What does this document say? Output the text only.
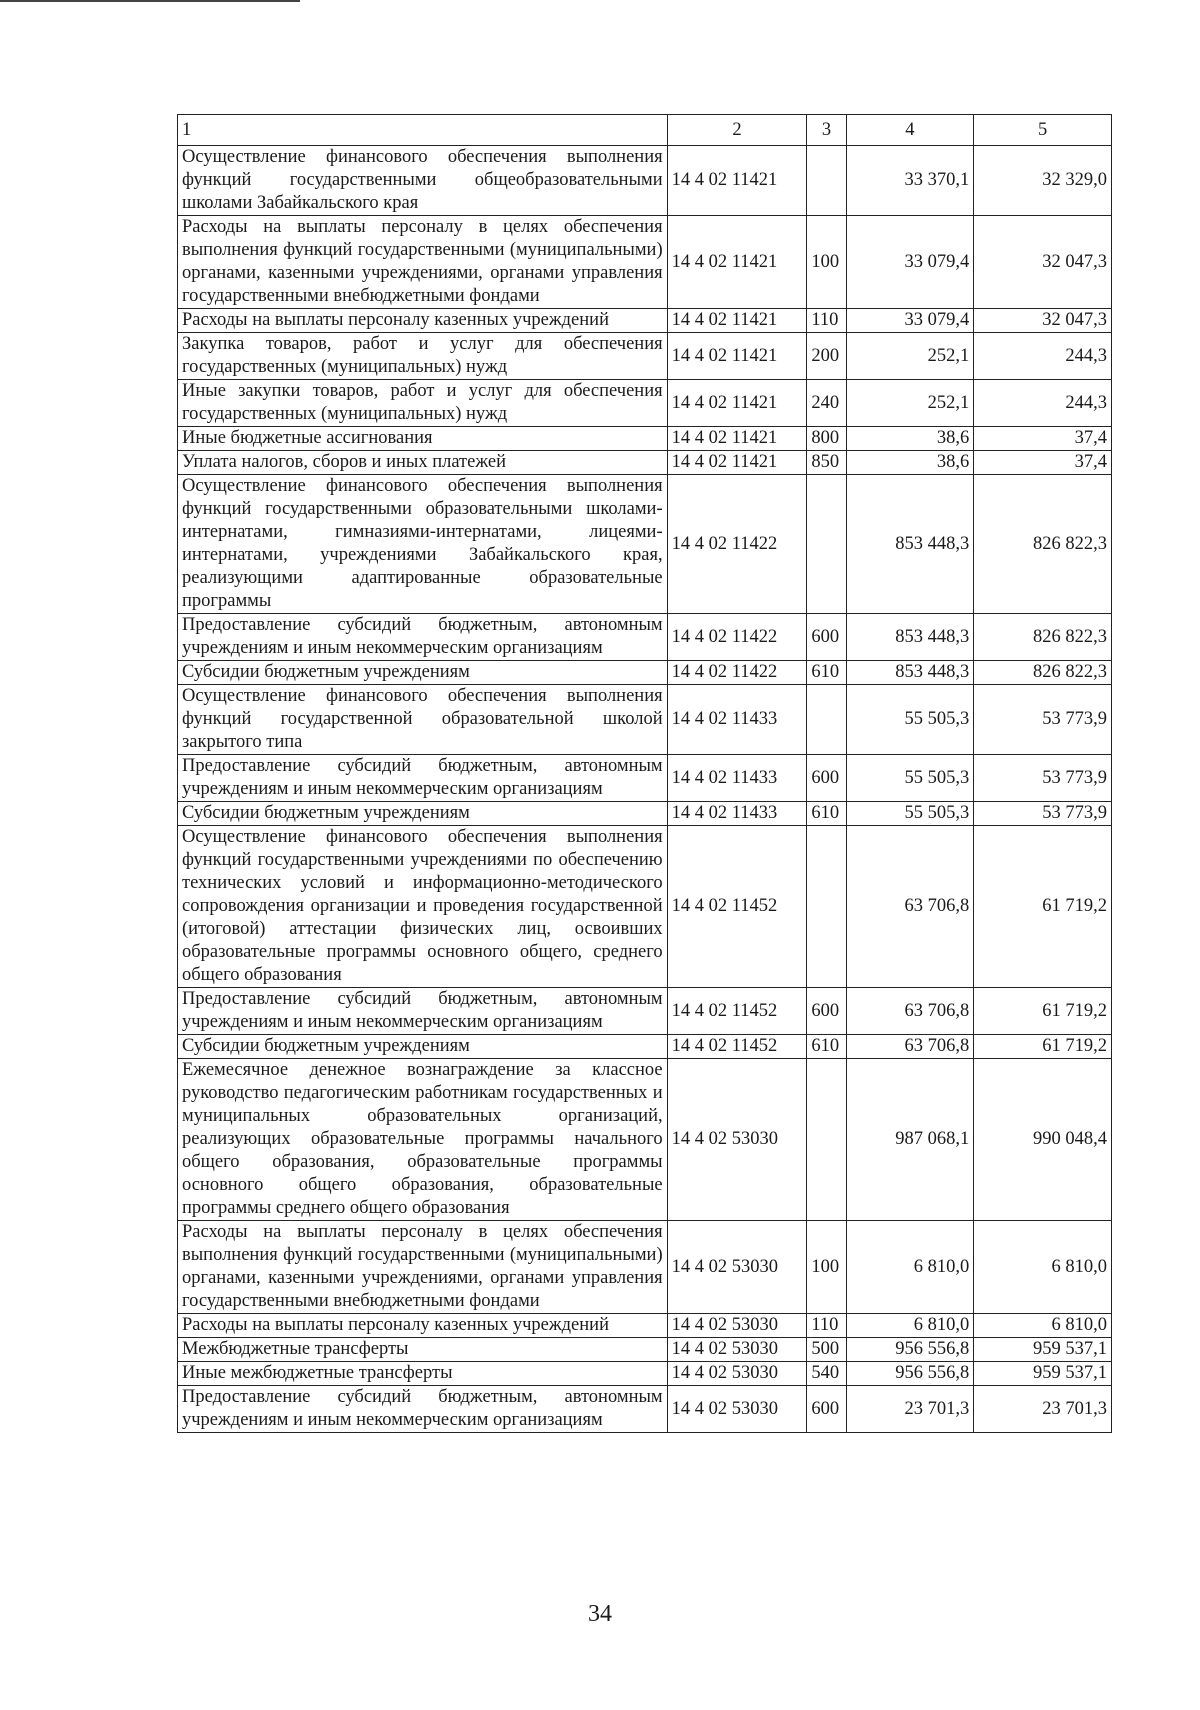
1	2	3	4	5
Осуществление финансового обеспечения выполнения функций государственными общеобразовательными школами Забайкальского края	14 4 02 11421		33 370,1	32 329,0
Расходы на выплаты персоналу в целях обеспечения выполнения функций государственными (муниципальными) органами, казенными учреждениями, органами управления государственными внебюджетными фондами	14 4 02 11421	100	33 079,4	32 047,3
Расходы на выплаты персоналу казенных учреждений	14 4 02 11421	110	33 079,4	32 047,3
Закупка товаров, работ и услуг для обеспечения государственных (муниципальных) нужд	14 4 02 11421	200	252,1	244,3
Иные закупки товаров, работ и услуг для обеспечения государственных (муниципальных) нужд	14 4 02 11421	240	252,1	244,3
Иные бюджетные ассигнования	14 4 02 11421	800	38,6	37,4
Уплата налогов, сборов и иных платежей	14 4 02 11421	850	38,6	37,4
Осуществление финансового обеспечения выполнения функций государственными образовательными школами-интернатами, гимназиями-интернатами, лицеями-интернатами, учреждениями Забайкальского края, реализующими адаптированные образовательные программы	14 4 02 11422		853 448,3	826 822,3
Предоставление субсидий бюджетным, автономным учреждениям и иным некоммерческим организациям	14 4 02 11422	600	853 448,3	826 822,3
Субсидии бюджетным учреждениям	14 4 02 11422	610	853 448,3	826 822,3
Осуществление финансового обеспечения выполнения функций государственной образовательной школой закрытого типа	14 4 02 11433		55 505,3	53 773,9
Предоставление субсидий бюджетным, автономным учреждениям и иным некоммерческим организациям	14 4 02 11433	600	55 505,3	53 773,9
Субсидии бюджетным учреждениям	14 4 02 11433	610	55 505,3	53 773,9
Осуществление финансового обеспечения выполнения функций государственными учреждениями по обеспечению технических условий и информационно-методического сопровождения организации и проведения государственной (итоговой) аттестации физических лиц, освоивших образовательные программы основного общего, среднего общего образования	14 4 02 11452		63 706,8	61 719,2
Предоставление субсидий бюджетным, автономным учреждениям и иным некоммерческим организациям	14 4 02 11452	600	63 706,8	61 719,2
Субсидии бюджетным учреждениям	14 4 02 11452	610	63 706,8	61 719,2
Ежемесячное денежное вознаграждение за классное руководство педагогическим работникам государственных и муниципальных образовательных организаций, реализующих образовательные программы начального общего образования, образовательные программы основного общего образования, образовательные программы среднего общего образования	14 4 02 53030		987 068,1	990 048,4
Расходы на выплаты персоналу в целях обеспечения выполнения функций государственными (муниципальными) органами, казенными учреждениями, органами управления государственными внебюджетными фондами	14 4 02 53030	100	6 810,0	6 810,0
Расходы на выплаты персоналу казенных учреждений	14 4 02 53030	110	6 810,0	6 810,0
Межбюджетные трансферты	14 4 02 53030	500	956 556,8	959 537,1
Иные межбюджетные трансферты	14 4 02 53030	540	956 556,8	959 537,1
Предоставление субсидий бюджетным, автономным учреждениям и иным некоммерческим организациям	14 4 02 53030	600	23 701,3	23 701,3
34
